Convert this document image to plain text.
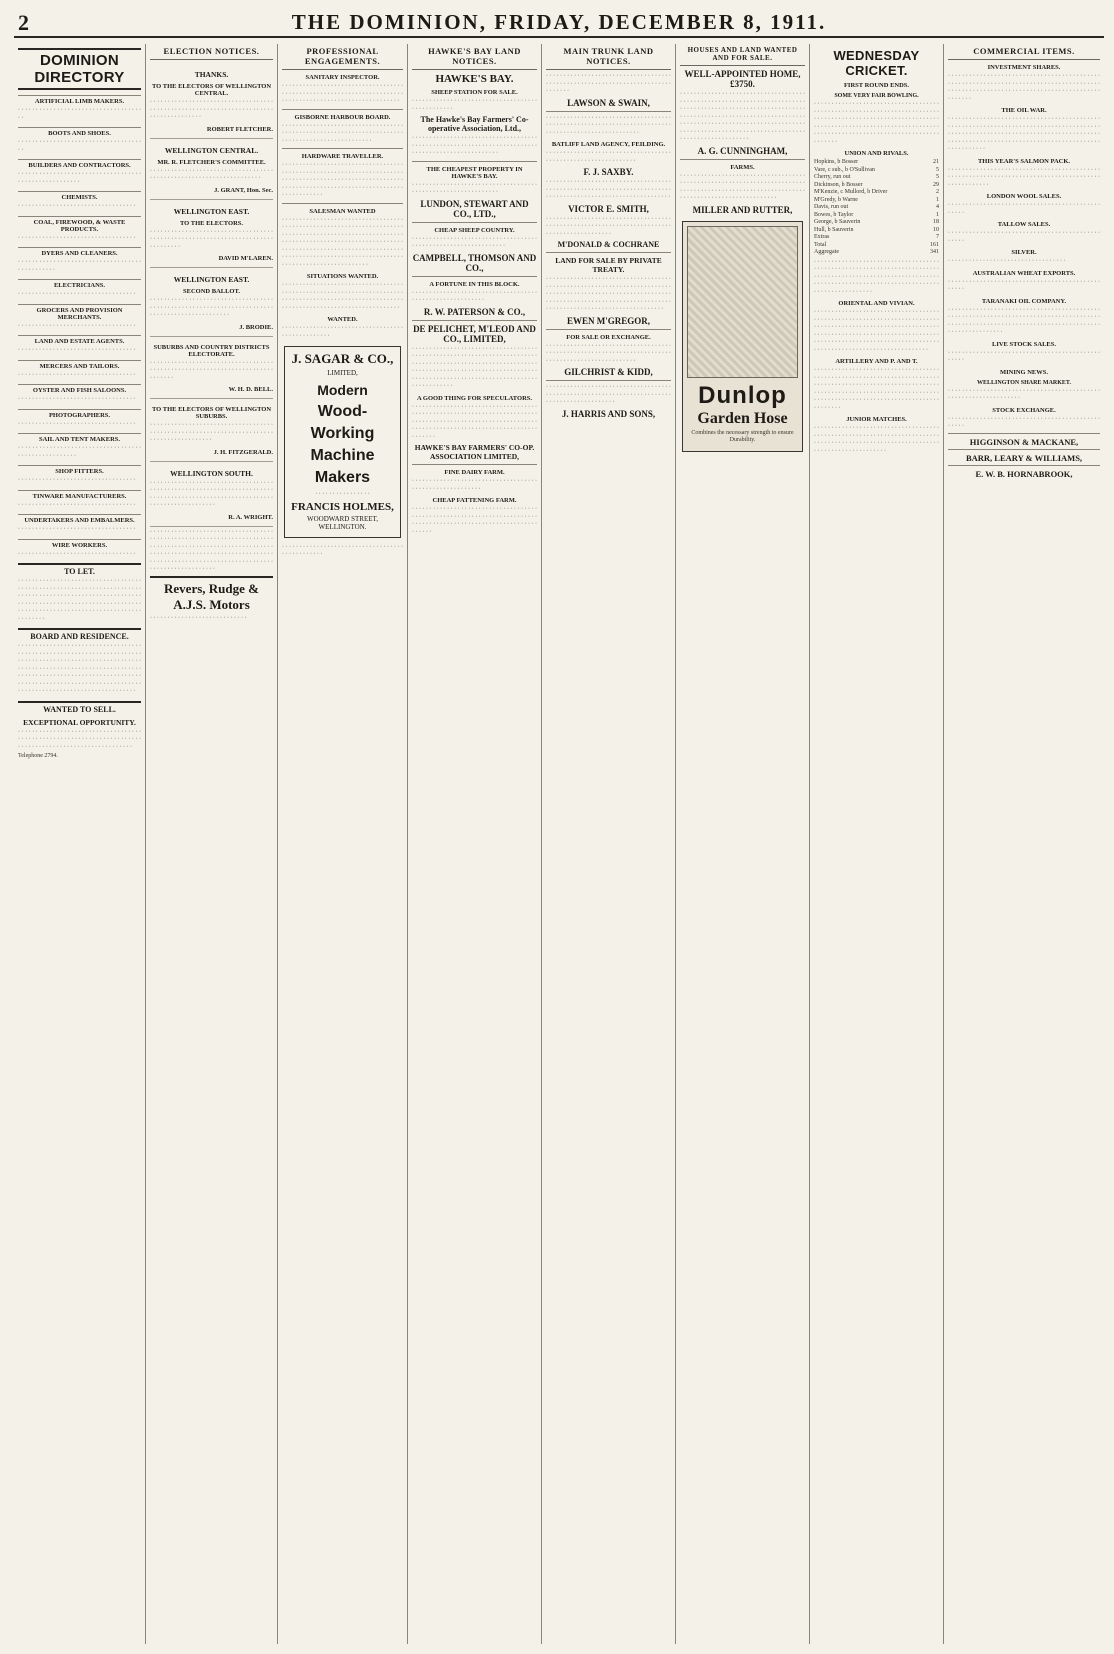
2	THE DOMINION, FRIDAY, DECEMBER 8, 1911.
DOMINION DIRECTORY
ARTIFICIAL LIMB MAKERS.
· · · · · · · · · · · · · · · · · · · · · · · · · · · · · · · · · · · · ·
BOOTS AND SHOES.
· · · · · · · · · · · · · · · · · · · · · · · · · · · · · · · · · · · · ·
BUILDERS AND CONTRACTORS.
· · · · · · · · · · · · · · · · · · · · · · · · · · · · · · · · · · · · · · · · · · · · · · · · · · · · ·
CHEMISTS.
· · · · · · · · · · · · · · · · · · · · · · · · · · · · · · · · · ·
COAL, FIREWOOD, & WASTE PRODUCTS.
· · · · · · · · · · · · · · · · · · · · · · · · · · · · · · · · · ·
DYERS AND CLEANERS.
· · · · · · · · · · · · · · · · · · · · · · · · · · · · · · · · · · · · · · · · · · · · · ·
ELECTRICIANS.
· · · · · · · · · · · · · · · · · · · · · · · · · · · · · · · · · ·
GROCERS AND PROVISION MERCHANTS.
· · · · · · · · · · · · · · · · · · · · · · · · · · · · · · · · · ·
LAND AND ESTATE AGENTS.
· · · · · · · · · · · · · · · · · · · · · · · · · · · · · · · · · ·
MERCERS AND TAILORS.
· · · · · · · · · · · · · · · · · · · · · · · · · · · · · · · · · ·
OYSTER AND FISH SALOONS.
· · · · · · · · · · · · · · · · · · · · · · · · · · · · · · · · · ·
PHOTOGRAPHERS.
· · · · · · · · · · · · · · · · · · · · · · · · · · · · · · · · · ·
SAIL AND TENT MAKERS.
· · · · · · · · · · · · · · · · · · · · · · · · · · · · · · · · · · · · · · · · · · · · · · · · · · · ·
SHOP FITTERS.
· · · · · · · · · · · · · · · · · · · · · · · · · · · · · · · · · ·
TINWARE MANUFACTURERS.
· · · · · · · · · · · · · · · · · · · · · · · · · · · · · · · · · ·
UNDERTAKERS AND EMBALMERS.
· · · · · · · · · · · · · · · · · · · · · · · · · · · · · · · · · ·
WIRE WORKERS.
· · · · · · · · · · · · · · · · · · · · · · · · · · · · · · · · · ·
TO LET.
· · · · · · · · · · · · · · · · · · · · · · · · · · · · · · · · · · · · · · · · · · · · · · · · · · · · · · · · · · · · · · · · · · · · · · · · · · · · · · · · · · · · · · · · · · · · · · · · · · · · · · · · · · · · · · · · · · · · · · · · · · · · · · · · · · · · · · · · · · · · · · · · · · · · · · · · · · · · · · · · · · · · · · · · · · · · · · · · · · · · · · ·
BOARD AND RESIDENCE.
· · · · · · · · · · · · · · · · · · · · · · · · · · · · · · · · · · · · · · · · · · · · · · · · · · · · · · · · · · · · · · · · · · · · · · · · · · · · · · · · · · · · · · · · · · · · · · · · · · · · · · · · · · · · · · · · · · · · · · · · · · · · · · · · · · · · · · · · · · · · · · · · · · · · · · · · · · · · · · · · · · · · · · · · · · · · · · · · · · · · · · · · · · · · · · · · · · · · · · · · · · · · · · · · · · · · · · · · · · · · · · · · · · · · · · · · · · · · · · · · · · · ·
WANTED TO SELL.
EXCEPTIONAL OPPORTUNITY.
· · · · · · · · · · · · · · · · · · · · · · · · · · · · · · · · · · · · · · · · · · · · · · · · · · · · · · · · · · · · · · · · · · · · · · · · · · · · · · · · · · · · · · · · · · · · · · · · · · · · · · ·
Telephone 2794.
ELECTION NOTICES.
THANKS.
TO THE ELECTORS OF WELLINGTON CENTRAL.
· · · · · · · · · · · · · · · · · · · · · · · · · · · · · · · · · · · · · · · · · · · · · · · · · · · · · · · · · · · · · · · · · · · · · · · · · · · · · · · · · · · · ·
ROBERT FLETCHER.
WELLINGTON CENTRAL.
MR. R. FLETCHER'S COMMITTEE.
· · · · · · · · · · · · · · · · · · · · · · · · · · · · · · · · · · · · · · · · · · · · · · · · · · · · · · · · · · · · · · · · · · ·
J. GRANT, Hon. Sec.
WELLINGTON EAST.
TO THE ELECTORS.
· · · · · · · · · · · · · · · · · · · · · · · · · · · · · · · · · · · · · · · · · · · · · · · · · · · · · · · · · · · · · · · · · · · · · · · · · · · · · · ·
DAVID M'LAREN.
WELLINGTON EAST.
SECOND BALLOT.
· · · · · · · · · · · · · · · · · · · · · · · · · · · · · · · · · · · · · · · · · · · · · · · · · · · · · · · · · · · · · · · · · · · · · · · · · · · · · · · · · · · · · · · · · · · · ·
J. BRODIE.
SUBURBS AND COUNTRY DISTRICTS ELECTORATE.
· · · · · · · · · · · · · · · · · · · · · · · · · · · · · · · · · · · · · · · · · · · · · · · · · · · · · · · · · · · · · · · · · · · · · · · · · · · · ·
W. H. D. BELL.
TO THE ELECTORS OF WELLINGTON SUBURBS.
· · · · · · · · · · · · · · · · · · · · · · · · · · · · · · · · · · · · · · · · · · · · · · · · · · · · · · · · · · · · · · · · · · · · · · · · · · · · · · · · · · · · · · · ·
J. H. FITZGERALD.
WELLINGTON SOUTH.
· · · · · · · · · · · · · · · · · · · · · · · · · · · · · · · · · · · · · · · · · · · · · · · · · · · · · · · · · · · · · · · · · · · · · · · · · · · · · · · · · · · · · · · · · · · · · · · · · · · · · · · · · · · · · · · · · · · · · · · · · · · ·
R. A. WRIGHT.
· · · · · · · · · · · · · · · · · · · · · · · · · · · · · · · · · · · · · · · · · · · · · · · · · · · · · · · · · · · · · · · · · · · · · · · · · · · · · · · · · · · · · · · · · · · · · · · · · · · · · · · · · · · · · · · · · · · · · · · · · · · · · · · · · · · · · · · · · · · · · · · · · · · · · · · · · · · · · · · · · · · · · · · · · · · · · · · · · · · · · · · · · · · · · · · · · ·
Revers, Rudge & A.J.S. Motors
· · · · · · · · · · · · · · · · · · · · · · · · · · · ·
PROFESSIONAL ENGAGEMENTS.
SANITARY INSPECTOR.
· · · · · · · · · · · · · · · · · · · · · · · · · · · · · · · · · · · · · · · · · · · · · · · · · · · · · · · · · · · · · · · · · · · · · · · · · · · · · · · · · · · · · · · · · · · · · · · · · · · · · · · ·
GISBORNE HARBOUR BOARD.
· · · · · · · · · · · · · · · · · · · · · · · · · · · · · · · · · · · · · · · · · · · · · · · · · · · · · · · · · · · · · · · · · · · · · · · · · · · · · · · · · · · · · · · · · · · · · · · ·
HARDWARE TRAVELLER.
· · · · · · · · · · · · · · · · · · · · · · · · · · · · · · · · · · · · · · · · · · · · · · · · · · · · · · · · · · · · · · · · · · · · · · · · · · · · · · · · · · · · · · · · · · · · · · · · · · · · · · · · · · · · · · · · · · · · · · · · · · · · · · · · · · · · · · · · · · · · · · · · · · · · · · · ·
SALESMAN WANTED
· · · · · · · · · · · · · · · · · · · · · · · · · · · · · · · · · · · · · · · · · · · · · · · · · · · · · · · · · · · · · · · · · · · · · · · · · · · · · · · · · · · · · · · · · · · · · · · · · · · · · · · · · · · · · · · · · · · · · · · · · · · · · · · · · · · · · · · · · · · · · · · · · · · · · · · · · · · · · · · · · · · · · · · · · · · · · · · · · · · · · · · · · · · · · · · · · · · · · · · · · · · · · · · · · · · · · · · · · · · · · · · · · · · · · · · · · · ·
SITUATIONS WANTED.
· · · · · · · · · · · · · · · · · · · · · · · · · · · · · · · · · · · · · · · · · · · · · · · · · · · · · · · · · · · · · · · · · · · · · · · · · · · · · · · · · · · · · · · · · · · · · · · · · · · · · · · · · · · · · · · · · · · · · · · · · · · · · · · · · · · · · · · · · · ·
WANTED.
· · · · · · · · · · · · · · · · · · · · · · · · · · · · · · · · · · · · · · · · · · · · · · · · ·
J. SAGAR & CO.,
LIMITED,
Modern
Wood-Working
Machine Makers
· · · · · · · · · · · · · · · ·
FRANCIS HOLMES,
WOODWARD STREET, WELLINGTON.
· · · · · · · · · · · · · · · · · · · · · · · · · · · · · · · · · · · · · · · · · · · · · · ·
HAWKE'S BAY LAND NOTICES.
HAWKE'S BAY.
SHEEP STATION FOR SALE.
· · · · · · · · · · · · · · · · · · · · · · · · · · · · · · · · · · · · · · · · · · · · · · · ·
The Hawke's Bay Farmers' Co-operative Association, Ltd.,
· · · · · · · · · · · · · · · · · · · · · · · · · · · · · · · · · · · · · · · · · · · · · · · · · · · · · · · · · · · · · · · · · · · · · · · · · · · · · · · · · · · · · · · · · · · · · · · · ·
THE CHEAPEST PROPERTY IN HAWKE'S BAY.
· · · · · · · · · · · · · · · · · · · · · · · · · · · · · · · · · · · · · · · · · · · · · · · · · · · · · · · · · · · · ·
LUNDON, STEWART AND CO., LTD.,
CHEAP SHEEP COUNTRY.
· · · · · · · · · · · · · · · · · · · · · · · · · · · · · · · · · · · · · · · · · · · · · · · · · · · · · · · · · · · · · · ·
CAMPBELL, THOMSON AND CO.,
A FORTUNE IN THIS BLOCK.
· · · · · · · · · · · · · · · · · · · · · · · · · · · · · · · · · · · · · · · · · · · · · · · · · · · · · · · · ·
R. W. PATERSON & CO.,
DE PELICHET, M'LEOD AND CO., LIMITED,
· · · · · · · · · · · · · · · · · · · · · · · · · · · · · · · · · · · · · · · · · · · · · · · · · · · · · · · · · · · · · · · · · · · · · · · · · · · · · · · · · · · · · · · · · · · · · · · · · · · · · · · · · · · · · · · · · · · · · · · · · · · · · · · · · · · · · · · · · · · · · · · · · · · · · · · · · · · · · · · · · · · · · · · · · · · · · · · · · · · · · · · · · · · · · · · ·
A GOOD THING FOR SPECULATORS.
· · · · · · · · · · · · · · · · · · · · · · · · · · · · · · · · · · · · · · · · · · · · · · · · · · · · · · · · · · · · · · · · · · · · · · · · · · · · · · · · · · · · · · · · · · · · · · · · · · · · · · · · · · · · · · · · · · · · · · · · · · · · · · · · · · · · · · · · · · · · · · · · · · · · · · ·
HAWKE'S BAY FARMERS' CO-OP. ASSOCIATION LIMITED,
FINE DAIRY FARM.
· · · · · · · · · · · · · · · · · · · · · · · · · · · · · · · · · · · · · · · · · · · · · · · · · · · · · · · ·
CHEAP FATTENING FARM.
· · · · · · · · · · · · · · · · · · · · · · · · · · · · · · · · · · · · · · · · · · · · · · · · · · · · · · · · · · · · · · · · · · · · · · · · · · · · · · · · · · · · · · · · · · · · · · · · · · · · · · · · · · · · · · · · · ·
MAIN TRUNK LAND NOTICES.
· · · · · · · · · · · · · · · · · · · · · · · · · · · · · · · · · · · · · · · · · · · · · · · · · · · · · · · · · · · · · · · · · · · · · · · · · · · · · · ·
LAWSON & SWAIN,
· · · · · · · · · · · · · · · · · · · · · · · · · · · · · · · · · · · · · · · · · · · · · · · · · · · · · · · · · · · · · · · · · · · · · · · · · · · · · · · · · · · · · · · · · · · · · · · · · · ·
BATLIFF LAND AGENCY, FEILDING.
· · · · · · · · · · · · · · · · · · · · · · · · · · · · · · · · · · · · · · · · · · · · · · · · · · · · · · · · · · · · · ·
F. J. SAXBY.
· · · · · · · · · · · · · · · · · · · · · · · · · · · · · · · · · · · · · · · · · · · · · · · · · · · · · · · · · · · · · · · · · · · · · · · · · · · · · · · · · · · · · · · · · · · · · · · · · · · · · · · · · · · ·
VICTOR E. SMITH,
· · · · · · · · · · · · · · · · · · · · · · · · · · · · · · · · · · · · · · · · · · · · · · · · · · · · · · · · · · · · · · · · · · · · · · · · · · · · · · · · · · · · · · · · · · ·
M'DONALD & COCHRANE
LAND FOR SALE BY PRIVATE TREATY.
· · · · · · · · · · · · · · · · · · · · · · · · · · · · · · · · · · · · · · · · · · · · · · · · · · · · · · · · · · · · · · · · · · · · · · · · · · · · · · · · · · · · · · · · · · · · · · · · · · · · · · · · · · · · · · · · · · · · · · · · · · · · · · · · · · · · · · · · · · · · · · · · · · · · · · · · · · · · · · · · · · · · · · · · · · · · · · · · · ·
EWEN M'GREGOR,
FOR SALE OR EXCHANGE.
· · · · · · · · · · · · · · · · · · · · · · · · · · · · · · · · · · · · · · · · · · · · · · · · · · · · · · · · · · · · · · · · · · · · · · · · · · · · · · · · · · · · · · · · · · · · · · · · · ·
GILCHRIST & KIDD,
· · · · · · · · · · · · · · · · · · · · · · · · · · · · · · · · · · · · · · · · · · · · · · · · · · · · · · · · · · · · · · · · · · · · · · · · · · · · · · · · · · · · · · · · · · · ·
J. HARRIS AND SONS,
HOUSES AND LAND WANTED AND FOR SALE.
WELL-APPOINTED HOME, £3750.
· · · · · · · · · · · · · · · · · · · · · · · · · · · · · · · · · · · · · · · · · · · · · · · · · · · · · · · · · · · · · · · · · · · · · · · · · · · · · · · · · · · · · · · · · · · · · · · · · · · · · · · · · · · · · · · · · · · · · · · · · · · · · · · · · · · · · · · · · · · · · · · · · · · · · · · · · · · · · · · · · · · · · · · · · · · · · · · · · · · · · · · · · · · · · · · · · · · · · · · · · · · · · · · · · · · · · · · · · · · · · · · · · · · · · · · · · · · ·
A. G. CUNNINGHAM,
FARMS.
· · · · · · · · · · · · · · · · · · · · · · · · · · · · · · · · · · · · · · · · · · · · · · · · · · · · · · · · · · · · · · · · · · · · · · · · · · · · · · · · · · · · · · · · · · · · · · · · · · · · · · · · · · · · · · · · · · · · · · · · · · · · · · · · · · · · · · · ·
MILLER AND RUTTER,
Dunlop
Garden Hose
Combines the necessary strength to ensure Durability.
WEDNESDAY CRICKET.
FIRST ROUND ENDS.
SOME VERY FAIR BOWLING.
· · · · · · · · · · · · · · · · · · · · · · · · · · · · · · · · · · · · · · · · · · · · · · · · · · · · · · · · · · · · · · · · · · · · · · · · · · · · · · · · · · · · · · · · · · · · · · · · · · · · · · · · · · · · · · · · · · · · · · · · · · · · · · · · · · · · · · · · · · · · · · · · · · · · · · · · · · · · · · · · · · · · · · · · · · · · · · · · · · · · · · · · · · ·
UNION AND RIVALS.
Hopkins, b Bosser	21
Vare, c sub., b O'Sullivan	5
Cherry, run out	5
Dickinson, b Bosser	29
M'Kenzie, c Mullord, b Driver	2
M'Gredy, b Warne	1
Davis, run out	4
Bowes, b Taylor	1
George, b Sauverin	18
Hull, b Sauverin	10
Extras	7
Total	161
Aggregate	341
· · · · · · · · · · · · · · · · · · · · · · · · · · · · · · · · · · · · · · · · · · · · · · · · · · · · · · · · · · · · · · · · · · · · · · · · · · · · · · · · · · · · · · · · · · · · · · · · · · · · · · · · · · · · · · · · · · · · · · · · · · · · · · · · · · · · · · · · · · · · · · · · · · · · · · · · · · · · · · · · ·
ORIENTAL AND VIVIAN.
· · · · · · · · · · · · · · · · · · · · · · · · · · · · · · · · · · · · · · · · · · · · · · · · · · · · · · · · · · · · · · · · · · · · · · · · · · · · · · · · · · · · · · · · · · · · · · · · · · · · · · · · · · · · · · · · · · · · · · · · · · · · · · · · · · · · · · · · · · · · · · · · · · · · · · · · · · · · · · · · · · · · · · · · · · · · · · · · · · · · · · · · · · · · · · · · · · · · · · · · · · · · · · · · · · · · ·
ARTILLERY AND P. AND T.
· · · · · · · · · · · · · · · · · · · · · · · · · · · · · · · · · · · · · · · · · · · · · · · · · · · · · · · · · · · · · · · · · · · · · · · · · · · · · · · · · · · · · · · · · · · · · · · · · · · · · · · · · · · · · · · · · · · · · · · · · · · · · · · · · · · · · · · · · · · · · · · · · · · · · · · · · · · · · · · · · · · · · · · · · · · · · · · · · · · · · · · · · · · ·
JUNIOR MATCHES.
· · · · · · · · · · · · · · · · · · · · · · · · · · · · · · · · · · · · · · · · · · · · · · · · · · · · · · · · · · · · · · · · · · · · · · · · · · · · · · · · · · · · · · · · · · · · · · · · · · · · · · · · · · · · · · · · · · · · · · · · · · · · · · · · ·
COMMERCIAL ITEMS.
INVESTMENT SHARES.
· · · · · · · · · · · · · · · · · · · · · · · · · · · · · · · · · · · · · · · · · · · · · · · · · · · · · · · · · · · · · · · · · · · · · · · · · · · · · · · · · · · · · · · · · · · · · · · · · · · · · · · · · · · · · · · · · · · · · · · · · · · · · · · · · · · · · · · ·
THE OIL WAR.
· · · · · · · · · · · · · · · · · · · · · · · · · · · · · · · · · · · · · · · · · · · · · · · · · · · · · · · · · · · · · · · · · · · · · · · · · · · · · · · · · · · · · · · · · · · · · · · · · · · · · · · · · · · · · · · · · · · · · · · · · · · · · · · · · · · · · · · · · · · · · · · · · · · · · · · · · · · · · · · · · · · · · · · · · · · · · · · · · · · · · · ·
THIS YEAR'S SALMON PACK.
· · · · · · · · · · · · · · · · · · · · · · · · · · · · · · · · · · · · · · · · · · · · · · · · · · · · · · · · · · · · · · · · · · · · · · · · · · · · · · · · · · · · · · · · · · · · · · · · · ·
LONDON WOOL SALES.
· · · · · · · · · · · · · · · · · · · · · · · · · · · · · · · · · · · · · · · · · · · · · · · ·
TALLOW SALES.
· · · · · · · · · · · · · · · · · · · · · · · · · · · · · · · · · · · · · · · · · · · · · · · ·
SILVER.
· · · · · · · · · · · · · · · · · · · · · · · · · · · · · · · · · ·
AUSTRALIAN WHEAT EXPORTS.
· · · · · · · · · · · · · · · · · · · · · · · · · · · · · · · · · · · · · · · · · · · · · · · ·
TARANAKI OIL COMPANY.
· · · · · · · · · · · · · · · · · · · · · · · · · · · · · · · · · · · · · · · · · · · · · · · · · · · · · · · · · · · · · · · · · · · · · · · · · · · · · · · · · · · · · · · · · · · · · · · · · · · · · · · · · · · · · · · · · · · · · · · · · · · · · · · · · · · · · · · · · · · · · · · · ·
LIVE STOCK SALES.
· · · · · · · · · · · · · · · · · · · · · · · · · · · · · · · · · · · · · · · · · · · · · · · ·
MINING NEWS.
WELLINGTON SHARE MARKET.
· · · · · · · · · · · · · · · · · · · · · · · · · · · · · · · · · · · · · · · · · · · · · · · · · · · · · · · · · · · · · · · ·
STOCK EXCHANGE.
· · · · · · · · · · · · · · · · · · · · · · · · · · · · · · · · · · · · · · · · · · · · · · · ·
HIGGINSON & MACKANE,
BARR, LEARY & WILLIAMS,
E. W. B. HORNABROOK,
